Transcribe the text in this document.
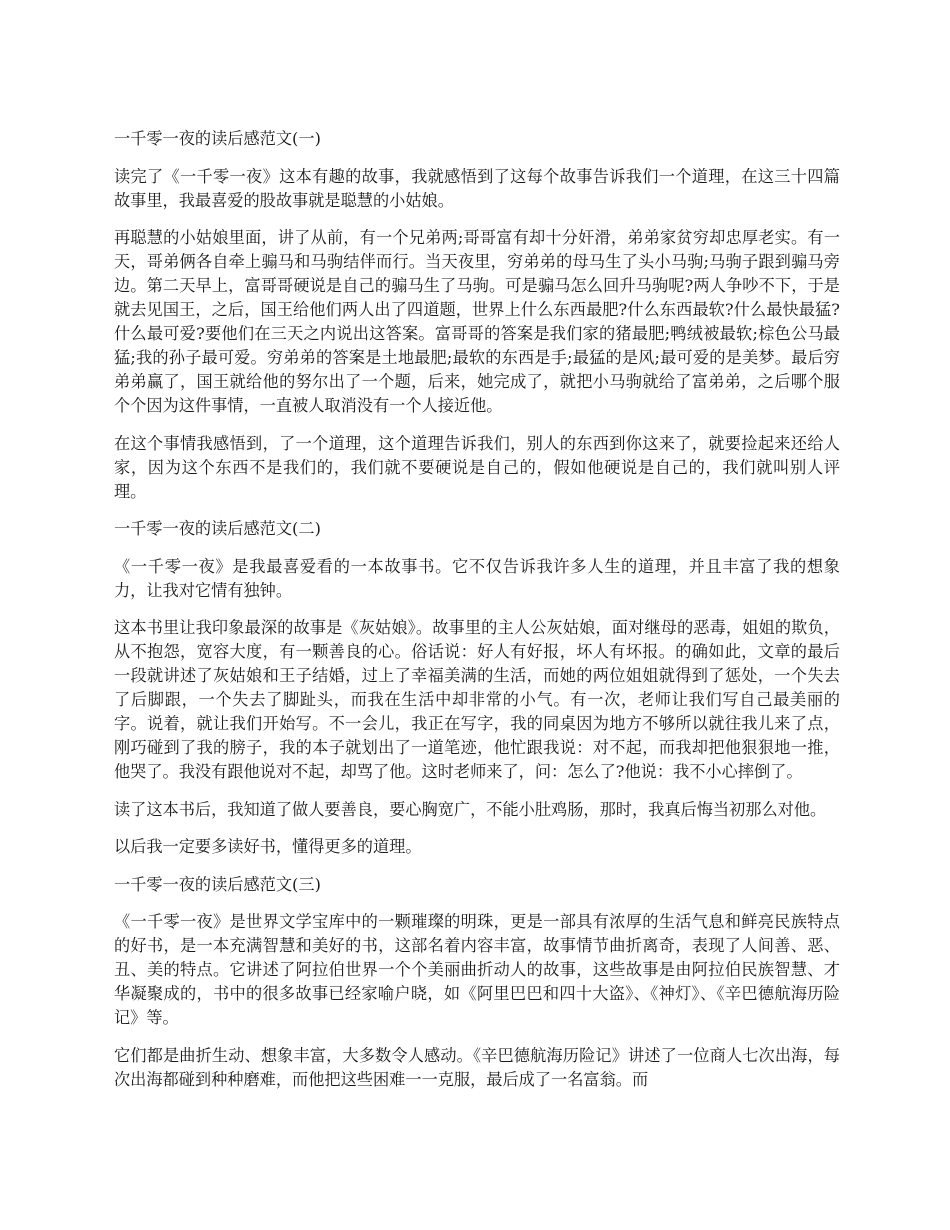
一千零一夜的读后感范文(一)

读完了《一千零一夜》这本有趣的故事，我就感悟到了这每个故事告诉我们一个道理，在这三十四篇故事里，我最喜爱的股故事就是聪慧的小姑娘。

再聪慧的小姑娘里面，讲了从前，有一个兄弟两;哥哥富有却十分奸滑，弟弟家贫穷却忠厚老实。有一天，哥弟俩各自牵上骟马和马驹结伴而行。当天夜里，穷弟弟的母马生了头小马驹;马驹子跟到骟马旁边。第二天早上，富哥哥硬说是自己的骟马生了马驹。可是骟马怎么回升马驹呢?两人争吵不下，于是就去见国王，之后，国王给他们两人出了四道题，世界上什么东西最肥?什么东西最软?什么最快最猛?什么最可爱?要他们在三天之内说出这答案。富哥哥的答案是我们家的猪最肥;鸭绒被最软;棕色公马最猛;我的孙子最可爱。穷弟弟的答案是土地最肥;最软的东西是手;最猛的是风;最可爱的是美梦。最后穷弟弟赢了，国王就给他的努尔出了一个题，后来，她完成了，就把小马驹就给了富弟弟，之后哪个服个个因为这件事情，一直被人取消没有一个人接近他。

在这个事情我感悟到，了一个道理，这个道理告诉我们，别人的东西到你这来了，就要捡起来还给人家，因为这个东西不是我们的，我们就不要硬说是自己的，假如他硬说是自己的，我们就叫别人评理。

一千零一夜的读后感范文(二)

《一千零一夜》是我最喜爱看的一本故事书。它不仅告诉我许多人生的道理，并且丰富了我的想象力，让我对它情有独钟。

这本书里让我印象最深的故事是《灰姑娘》。故事里的主人公灰姑娘，面对继母的恶毒，姐姐的欺负，从不抱怨，宽容大度，有一颗善良的心。俗话说：好人有好报，坏人有坏报。的确如此，文章的最后一段就讲述了灰姑娘和王子结婚，过上了幸福美满的生活，而她的两位姐姐就得到了惩处，一个失去了后脚跟，一个失去了脚趾头，而我在生活中却非常的小气。有一次，老师让我们写自己最美丽的字。说着，就让我们开始写。不一会儿，我正在写字，我的同桌因为地方不够所以就往我儿来了点，刚巧碰到了我的膀子，我的本子就划出了一道笔迹，他忙跟我说：对不起，而我却把他狠狠地一推，他哭了。我没有跟他说对不起，却骂了他。这时老师来了，问：怎么了?他说：我不小心摔倒了。

读了这本书后，我知道了做人要善良，要心胸宽广，不能小肚鸡肠，那时，我真后悔当初那么对他。

以后我一定要多读好书，懂得更多的道理。

一千零一夜的读后感范文(三)

《一千零一夜》是世界文学宝库中的一颗璀璨的明珠，更是一部具有浓厚的生活气息和鲜亮民族特点的好书，是一本充满智慧和美好的书，这部名着内容丰富，故事情节曲折离奇，表现了人间善、恶、丑、美的特点。它讲述了阿拉伯世界一个个美丽曲折动人的故事，这些故事是由阿拉伯民族智慧、才华凝聚成的，书中的很多故事已经家喻户晓，如《阿里巴巴和四十大盗》、《神灯》、《辛巴德航海历险记》等。

它们都是曲折生动、想象丰富，大多数令人感动。《辛巴德航海历险记》讲述了一位商人七次出海，每次出海都碰到种种磨难，而他把这些困难一一克服，最后成了一名富翁。而
